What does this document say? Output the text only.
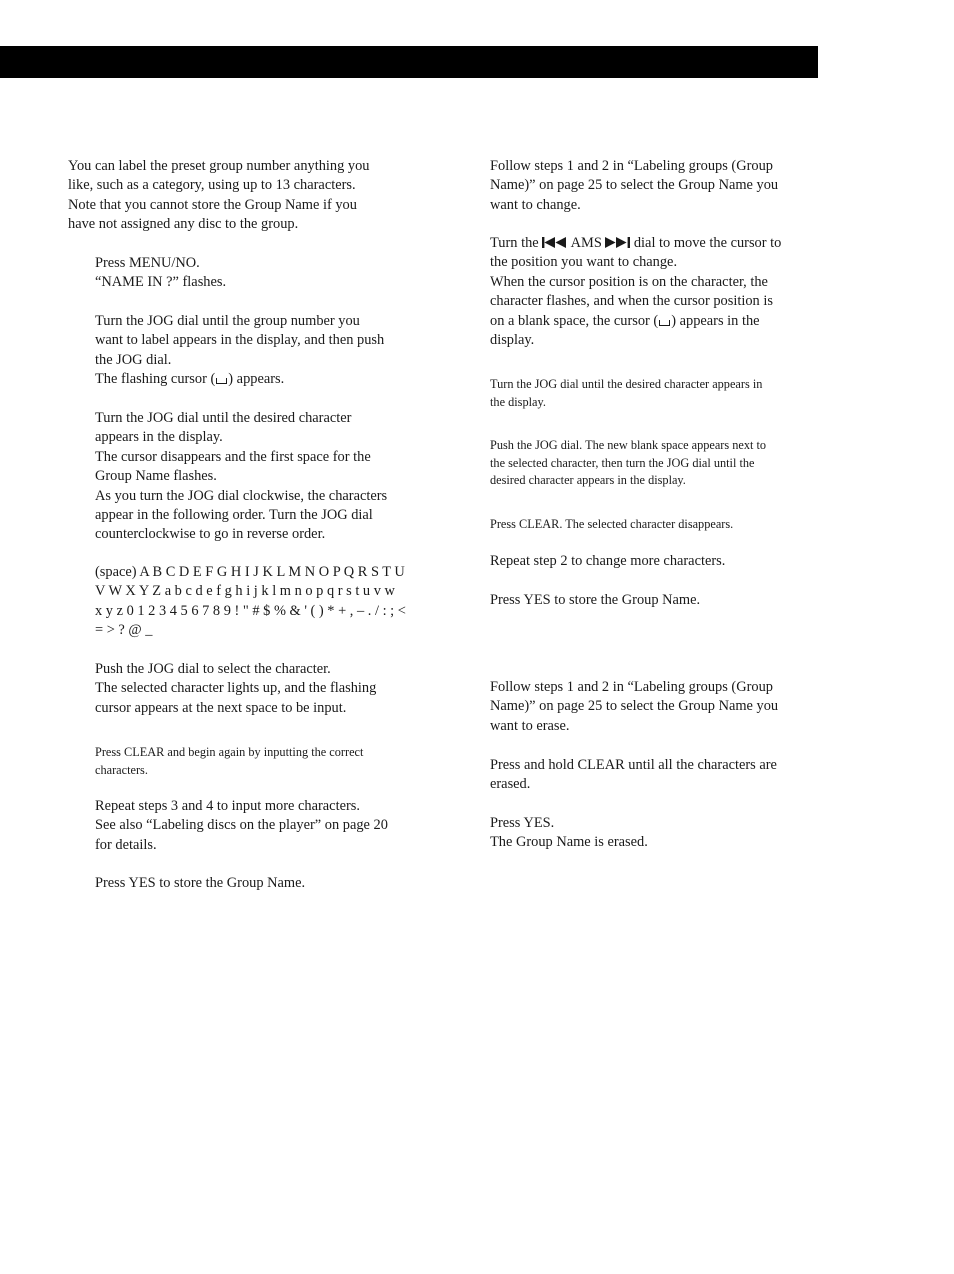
You can label the preset group number anything you
like, such as a category, using up to 13 characters.
Note that you cannot store the Group Name if you
have not assigned any disc to the group.
Press MENU/NO.
“NAME IN ?” flashes.
Turn the JOG dial until the group number you
want to label appears in the display, and then push
the JOG dial.
The flashing cursor ( ) appears.
Turn the JOG dial until the desired character
appears in the display.
The cursor disappears and the first space for the
Group Name flashes.
As you turn the JOG dial clockwise, the characters
appear in the following order. Turn the JOG dial
counterclockwise to go in reverse order.
(space) A B C D E F G H I J K L M N O P Q R S T U
V W X Y Z a b c d e f g h i j k l m n o p q r s t u v w
x y z 0 1 2 3 4 5 6 7 8 9 ! " # $ % & ' ( ) * + , – . / : ; <
= > ? @ _
Push the JOG dial to select the character.
The selected character lights up, and the flashing
cursor appears at the next space to be input.
Press CLEAR and begin again by inputting the correct
characters.
Repeat steps 3 and 4 to input more characters.
See also “Labeling discs on the player” on page 20
for details.
Press YES to store the Group Name.
Follow steps 1 and 2 in “Labeling groups (Group
Name)” on page 25 to select the Group Name you
want to change.
Turn the AMS dial to move the cursor to
the position you want to change.
When the cursor position is on the character, the
character flashes, and when the cursor position is
on a blank space, the cursor ( ) appears in the
display.
Turn the JOG dial until the desired character appears in
the display.
Push the JOG dial. The new blank space appears next to
the selected character, then turn the JOG dial until the
desired character appears in the display.
Press CLEAR. The selected character disappears.
Repeat step 2 to change more characters.
Press YES to store the Group Name.
Follow steps 1 and 2 in “Labeling groups (Group
Name)” on page 25 to select the Group Name you
want to erase.
Press and hold CLEAR until all the characters are
erased.
Press YES.
The Group Name is erased.
